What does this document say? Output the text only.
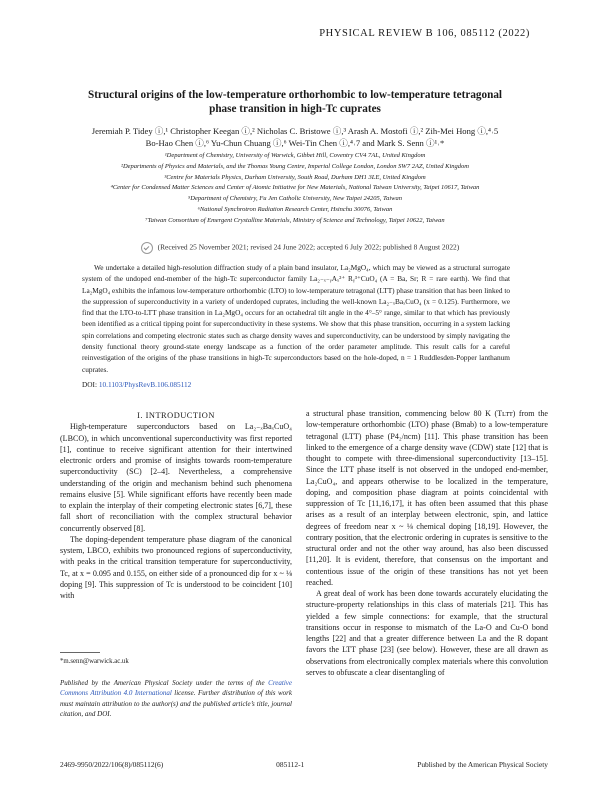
PHYSICAL REVIEW B 106, 085112 (2022)
Structural origins of the low-temperature orthorhombic to low-temperature tetragonal
phase transition in high-Tc cuprates
Jeremiah P. Tidey ⓘ,¹ Christopher Keegan ⓘ,² Nicholas C. Bristowe ⓘ,³ Arash A. Mostofi ⓘ,² Zih-Mei Hong ⓘ,⁴˒5
Bo-Hao Chen ⓘ,⁶ Yu-Chun Chuang ⓘ,⁶ Wei-Tin Chen ⓘ,⁴˒7 and Mark S. Senn ⓘ¹˒*
¹Department of Chemistry, University of Warwick, Gibbet Hill, Coventry CV4 7AL, United Kingdom
²Departments of Physics and Materials, and the Thomas Young Centre, Imperial College London, London SW7 2AZ, United Kingdom
³Centre for Materials Physics, Durham University, South Road, Durham DH1 3LE, United Kingdom
⁴Center for Condensed Matter Sciences and Center of Atomic Initiative for New Materials, National Taiwan University, Taipei 10617, Taiwan
⁵Department of Chemistry, Fu Jen Catholic University, New Taipei 24205, Taiwan
⁶National Synchrotron Radiation Research Center, Hsinchu 30076, Taiwan
⁷Taiwan Consortium of Emergent Crystalline Materials, Ministry of Science and Technology, Taipei 10622, Taiwan
(Received 25 November 2021; revised 24 June 2022; accepted 6 July 2022; published 8 August 2022)

We undertake a detailed high-resolution diffraction study of a plain band insulator, La₂MgO₄, which may be viewed as a structural surrogate system of the undoped end-member of the high-Tc superconductor family La₂₋ₓ₋ᵧAₓ²⁺ Rᵧ³⁺CuO₄ (A = Ba, Sr; R = rare earth). We find that La₂MgO₄ exhibits the infamous low-temperature orthorhombic (LTO) to low-temperature tetragonal (LTT) phase transition that has been linked to the suppression of superconductivity in a variety of underdoped cuprates, including the well-known La₂₋ₓBaₓCuO₄ (x = 0.125). Furthermore, we find that the LTO-to-LTT phase transition in La₂MgO₄ occurs for an octahedral tilt angle in the 4°–5° range, similar to that which has previously been identified as a critical tipping point for superconductivity in these systems. We show that this phase transition, occurring in a system lacking spin correlations and competing electronic states such as charge density waves and superconductivity, can be understood by simply navigating the density functional theory ground-state energy landscape as a function of the order parameter amplitude. This result calls for a careful reinvestigation of the origins of the phase transitions in high-Tc superconductors based on the hole-doped, n = 1 Ruddlesden-Popper lanthanum cuprates.

DOI: 10.1103/PhysRevB.106.085112

I. INTRODUCTION

High-temperature superconductors based on La₂₋ₓBaₓCuO₄ (LBCO), in which unconventional superconductivity was first reported [1], continue to receive significant attention for their intertwined electronic orders and promise of insights towards room-temperature superconductivity (SC) [2–4]. Nevertheless, a comprehensive understanding of the origin and mechanism behind such phenomena remains elusive [5]. While significant efforts have recently been made to explain the interplay of their competing electronic states [6,7], these fall short of reconciliation with the complex structural behavior concurrently observed [8].

The doping-dependent temperature phase diagram of the canonical system, LBCO, exhibits two pronounced regions of superconductivity, with peaks in the critical transition temperature for superconductivity, Tc, at x = 0.095 and 0.155, on either side of a pronounced dip for x ~ ⅛ doping [9]. This suppression of Tc is understood to be coincident [10] with

a structural phase transition, commencing below 80 K (Tʟᴛᴛ) from the low-temperature orthorhombic (LTO) phase (Bmab) to a low-temperature tetragonal (LTT) phase (P4₂/ncm) [11]. This phase transition has been linked to the emergence of a charge density wave (CDW) state [12] that is thought to compete with three-dimensional superconductivity [13–15]. Since the LTT phase itself is not observed in the undoped end-member, La₂CuO₄, and appears otherwise to be localized in the temperature, doping, and composition phase diagram at points coincidental with suppression of Tc [11,16,17], it has often been assumed that this phase arises as a result of an interplay between electronic, spin, and lattice degrees of freedom near x ~ ⅛ chemical doping [18,19]. However, the contrary position, that the electronic ordering in cuprates is sensitive to the structural order and not the other way around, has also been discussed [11,20]. It is evident, therefore, that consensus on the important and contentious issue of the origin of these transitions has not yet been reached.

A great deal of work has been done towards accurately elucidating the structure-property relationships in this class of materials [21]. This has yielded a few simple connections: for example, that the structural transitions occur in response to mismatch of the La-O and Cu-O bond lengths [22] and that a greater difference between La and the R dopant favors the LTT phase [23] (see below). However, these are all drawn as observations from electronically complex materials where this convolution serves to obfuscate a clear disentangling of

*m.senn@warwick.ac.uk
Published by the American Physical Society under the terms of the Creative Commons Attribution 4.0 International license. Further distribution of this work must maintain attribution to the author(s) and the published article’s title, journal citation, and DOI.
2469-9950/2022/106(8)/085112(6)	085112-1	Published by the American Physical Society
